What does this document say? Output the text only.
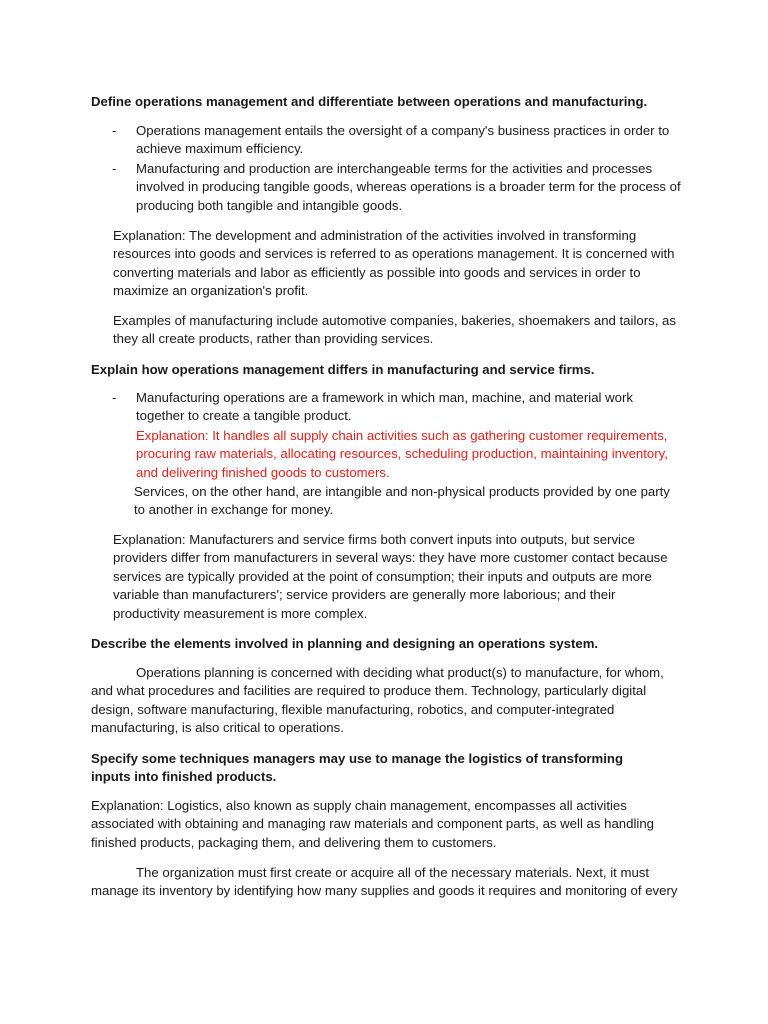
Define operations management and differentiate between operations and manufacturing.
- Operations management entails the oversight of a company's business practices in order to achieve maximum efficiency.
- Manufacturing and production are interchangeable terms for the activities and processes involved in producing tangible goods, whereas operations is a broader term for the process of producing both tangible and intangible goods.
Explanation: The development and administration of the activities involved in transforming resources into goods and services is referred to as operations management. It is concerned with converting materials and labor as efficiently as possible into goods and services in order to maximize an organization's profit.
Examples of manufacturing include automotive companies, bakeries, shoemakers and tailors, as they all create products, rather than providing services.
Explain how operations management differs in manufacturing and service firms.
- Manufacturing operations are a framework in which man, machine, and material work together to create a tangible product.
Explanation: It handles all supply chain activities such as gathering customer requirements, procuring raw materials, allocating resources, scheduling production, maintaining inventory, and delivering finished goods to customers.
Services, on the other hand, are intangible and non-physical products provided by one party to another in exchange for money.
Explanation: Manufacturers and service firms both convert inputs into outputs, but service providers differ from manufacturers in several ways: they have more customer contact because services are typically provided at the point of consumption; their inputs and outputs are more variable than manufacturers'; service providers are generally more laborious; and their productivity measurement is more complex.
Describe the elements involved in planning and designing an operations system.
Operations planning is concerned with deciding what product(s) to manufacture, for whom, and what procedures and facilities are required to produce them. Technology, particularly digital design, software manufacturing, flexible manufacturing, robotics, and computer-integrated manufacturing, is also critical to operations.
Specify some techniques managers may use to manage the logistics of transforming inputs into finished products.
Explanation: Logistics, also known as supply chain management, encompasses all activities associated with obtaining and managing raw materials and component parts, as well as handling finished products, packaging them, and delivering them to customers.
The organization must first create or acquire all of the necessary materials. Next, it must manage its inventory by identifying how many supplies and goods it requires and monitoring of every
